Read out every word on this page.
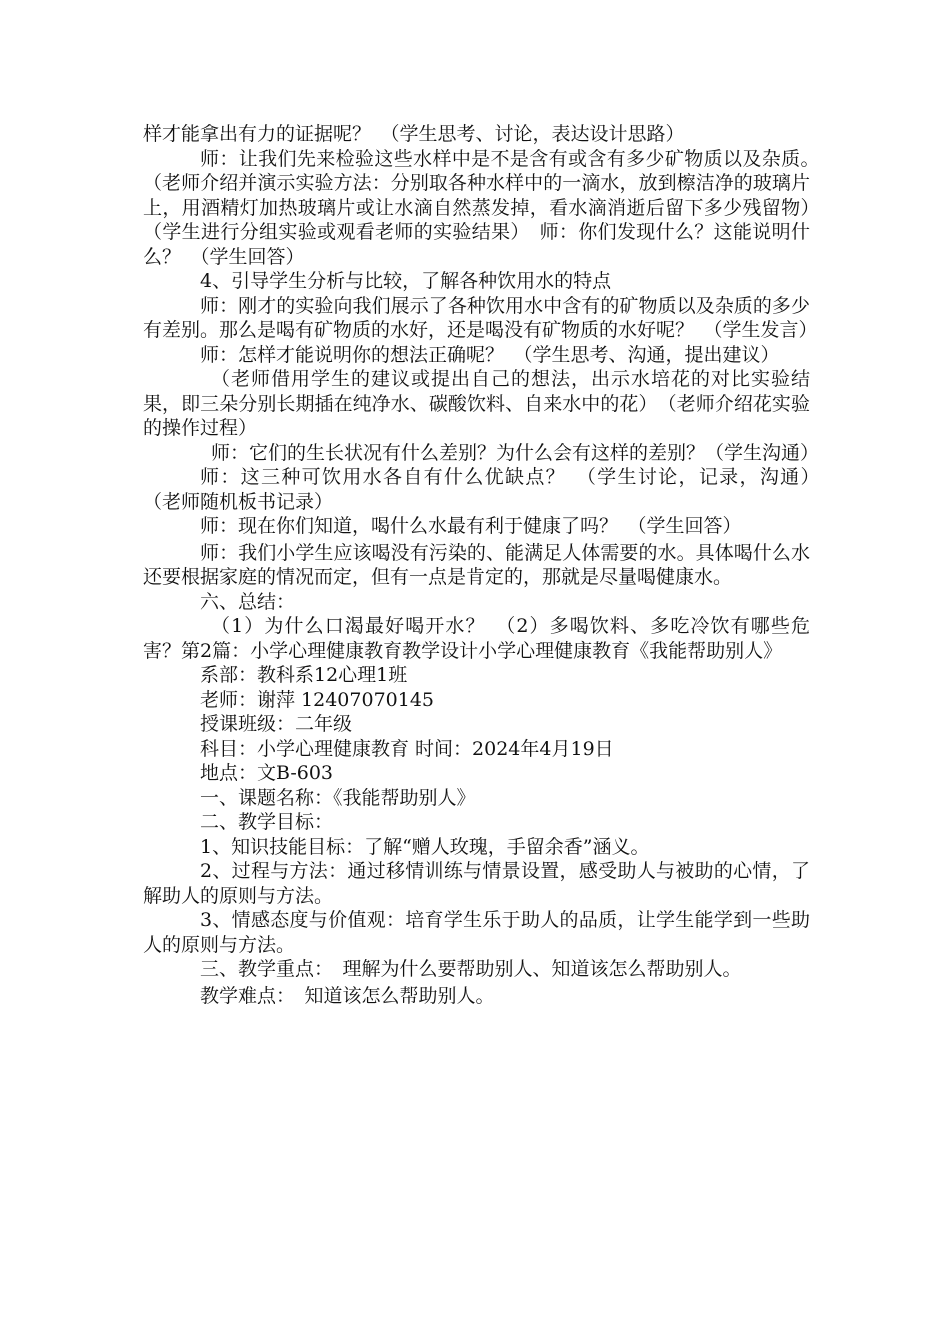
样才能拿出有力的证据呢？　（学生思考、讨论，表达设计思路）

师：让我们先来检验这些水样中是不是含有或含有多少矿物质以及杂质。　（老师介绍并演示实验方法：分别取各种水样中的一滴水，放到檫洁净的玻璃片上，用酒精灯加热玻璃片或让水滴自然蒸发掉，看水滴消逝后留下多少残留物）　（学生进行分组实验或观看老师的实验结果）　师：你们发现什么？这能说明什么？　（学生回答）

4、引导学生分析与比较，了解各种饮用水的特点

师：刚才的实验向我们展示了各种饮用水中含有的矿物质以及杂质的多少有差别。那么是喝有矿物质的水好，还是喝没有矿物质的水好呢？　（学生发言）

师：怎样才能说明你的想法正确呢？　（学生思考、沟通，提出建议）

（老师借用学生的建议或提出自己的想法，出示水培花的对比实验结果，即三朵分别长期插在纯净水、碳酸饮料、自来水中的花）　（老师介绍花实验的操作过程）

师：它们的生长状况有什么差别？为什么会有这样的差别？（学生沟通）

师：这三种可饮用水各自有什么优缺点？　（学生讨论，记录，沟通）　（老师随机板书记录）

师：现在你们知道，喝什么水最有利于健康了吗？　（学生回答）

师：我们小学生应该喝没有污染的、能满足人体需要的水。具体喝什么水还要根据家庭的情况而定，但有一点是肯定的，那就是尽量喝健康水。

六、总结：

（1）为什么口渴最好喝开水？　（2）多喝饮料、多吃冷饮有哪些危害？第2篇：小学心理健康教育教学设计小学心理健康教育《我能帮助别人》

系部：教科系12心理1班

老师：谢萍 12407070145

授课班级：二年级

科目：小学心理健康教育 时间：2024年4月19日

地点：文B-603

一、课题名称：《我能帮助别人》

二、教学目标：

1、知识技能目标：了解“赠人玫瑰，手留余香”涵义。

2、过程与方法：通过移情训练与情景设置，感受助人与被助的心情，了解助人的原则与方法。

3、情感态度与价值观：培育学生乐于助人的品质，让学生能学到一些助人的原则与方法。

三、教学重点：　理解为什么要帮助别人、知道该怎么帮助别人。

教学难点：　知道该怎么帮助别人。
